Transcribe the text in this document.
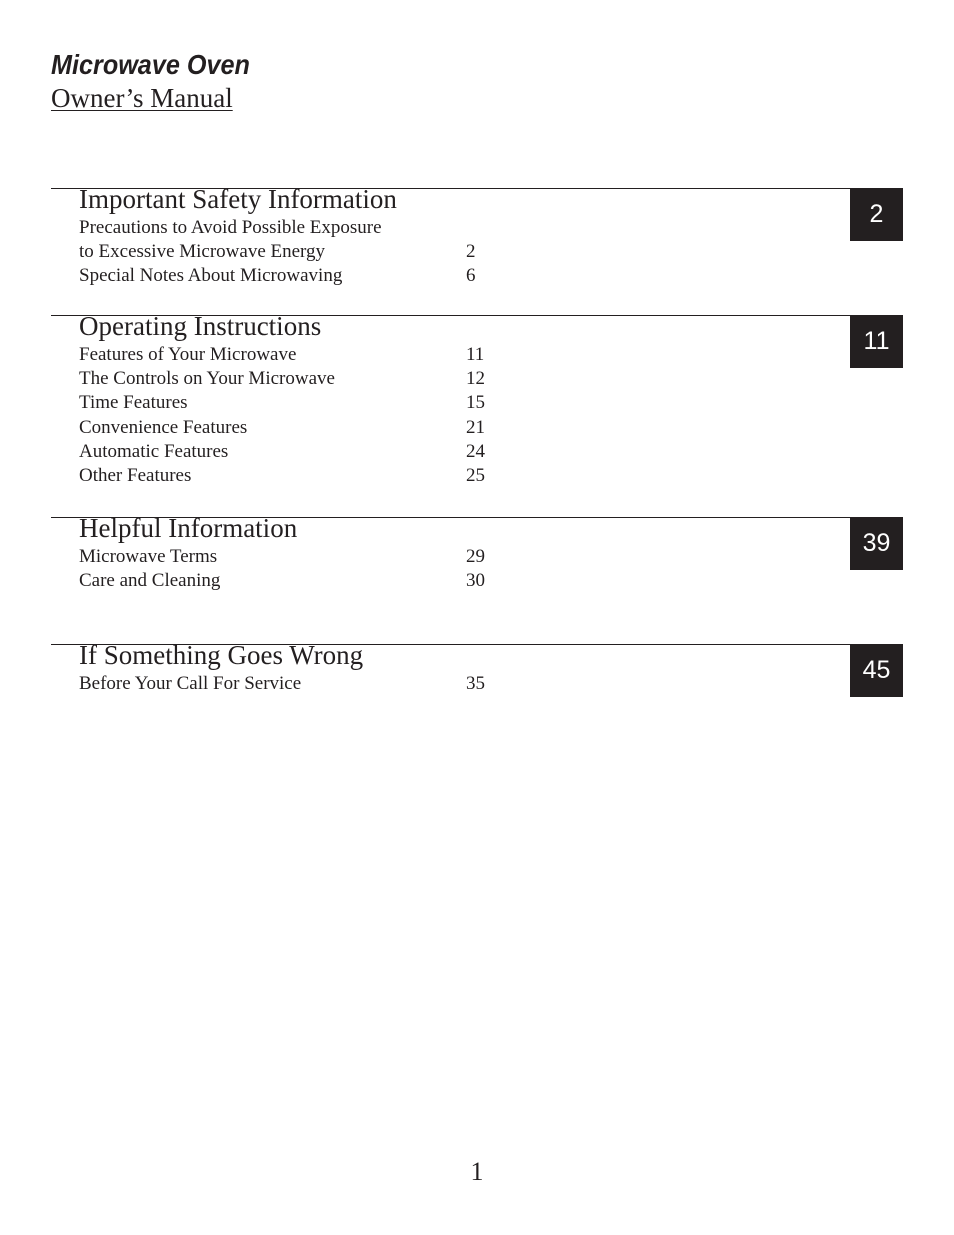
Microwave Oven
Owner’s Manual
Important Safety Information	2
Precautions to Avoid Possible Exposure
to Excessive Microwave Energy	2
Special Notes About Microwaving	6
Operating Instructions	11
Features of Your Microwave	11
The Controls on Your Microwave	12
Time Features	15
Convenience Features	21
Automatic Features	24
Other Features	25
Helpful Information	39
Microwave Terms	29
Care and Cleaning	30
If Something Goes Wrong	45
Before Your Call For Service	35
1
